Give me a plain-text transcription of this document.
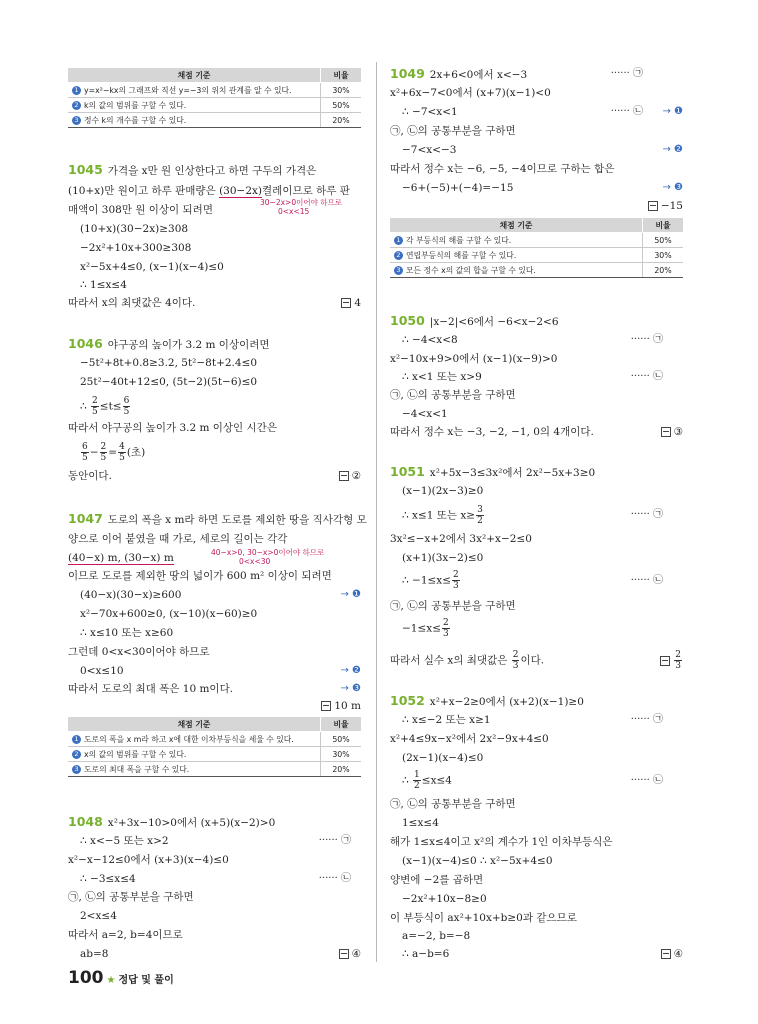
채점 기준	비율
1 y=x²−kx의 그래프와 직선 y=−3의 위치 관계를 알 수 있다.	30%
2 k의 값의 범위를 구할 수 있다.	50%
3 정수 k의 개수를 구할 수 있다.	20%
1045 가격을 x만 원 인상한다고 하면 구두의 가격은
(10+x)만 원이고 하루 판매량은 (30−2x)켤레이므로 하루 판
30−2x>0이어야 하므로
0<x<15
매액이 308만 원 이상이 되려면
(10+x)(30−2x)≥308
−2x²+10x+300≥308
x²−5x+4≤0, (x−1)(x−4)≤0
∴ 1≤x≤4
따라서 x의 최댓값은 4이다.	4
1046 야구공의 높이가 3.2 m 이상이려면
−5t²+8t+0.8≥3.2, 5t²−8t+2.4≤0
25t²−40t+12≤0, (5t−2)(5t−6)≤0
∴ $\frac{2}{5} \le t\le \frac{6}{5}$
따라서 야구공의 높이가 3.2 m 이상인 시간은
$\frac{6}{5} - \frac{2}{5} = \frac{4}{5}$ (초)
동안이다.	②
1047 도로의 폭을 x m라 하면 도로를 제외한 땅을 직사각형 모
양으로 이어 붙였을 때 가로, 세로의 길이는 각각
(40−x) m, (30−x) m	40−x>0, 30−x>0이어야 하므로
0<x<30
이므로 도로를 제외한 땅의 넓이가 600 m² 이상이 되려면
(40−x)(30−x)≥600	→ ❶
x²−70x+600≥0, (x−10)(x−60)≥0
∴ x≤10 또는 x≥60
그런데 0<x<30이어야 하므로
0<x≤10	→ ❷
따라서 도로의 최대 폭은 10 m이다.	→ ❸
10 m
채점 기준	비율
1 도로의 폭을 x m라 하고 x에 대한 이차부등식을 세울 수 있다.	50%
2 x의 값의 범위를 구할 수 있다.	30%
3 도로의 최대 폭을 구할 수 있다.	20%
1048 x²+3x−10>0에서 (x+5)(x−2)>0
∴ x<−5 또는 x>2	······ ㉠
x²−x−12≤0에서 (x+3)(x−4)≤0
∴ −3≤x≤4	······ ㉡
㉠, ㉡의 공통부분을 구하면
2<x≤4
따라서 a=2, b=4이므로
ab=8	④
1049 2x+6<0에서 x<−3	······ ㉠
x²+6x−7<0에서 (x+7)(x−1)<0
∴ −7<x<1	······ ㉡ → ❶
㉠, ㉡의 공통부분을 구하면
−7<x<−3	→ ❷
따라서 정수 x는 −6, −5, −4이므로 구하는 합은
−6+(−5)+(−4)=−15	→ ❸
−15
채점 기준	비율
1 각 부등식의 해를 구할 수 있다.	50%
2 연립부등식의 해를 구할 수 있다.	30%
3 모든 정수 x의 값의 합을 구할 수 있다.	20%
1050 |x−2|<6에서 −6<x−2<6
∴ −4<x<8	······ ㉠
x²−10x+9>0에서 (x−1)(x−9)>0
∴ x<1 또는 x>9	······ ㉡
㉠, ㉡의 공통부분을 구하면
−4<x<1
따라서 정수 x는 −3, −2, −1, 0의 4개이다.	③
1051 x²+5x−3≤3x²에서 2x²−5x+3≥0
(x−1)(2x−3)≥0
∴ x≤1 또는 $x\ge \frac{3}{2}$	······ ㉠
3x²≤−x+2에서 3x²+x−2≤0
(x+1)(3x−2)≤0
∴ $-1\le x\le \frac{2}{3}$	······ ㉡
㉠, ㉡의 공통부분을 구하면
$-1\le x\le \frac{2}{3}$
따라서 실수 x의 최댓값은 $\frac{2}{3}$ 이다.	$\frac{2}{3}$
1052 x²+x−2≥0에서 (x+2)(x−1)≥0
∴ x≤−2 또는 x≥1	······ ㉠
x²+4≤9x−x²에서 2x²−9x+4≤0
(2x−1)(x−4)≤0
∴ $\frac{1}{2} \le x\le 4$	······ ㉡
㉠, ㉡의 공통부분을 구하면
1≤x≤4
해가 1≤x≤4이고 x²의 계수가 1인 이차부등식은
(x−1)(x−4)≤0 ∴ x²−5x+4≤0
양변에 −2를 곱하면
−2x²+10x−8≥0
이 부등식이 ax²+10x+b≥0과 같으므로
a=−2, b=−8
∴ a−b=6	④
100 ★ 정답 및 풀이
